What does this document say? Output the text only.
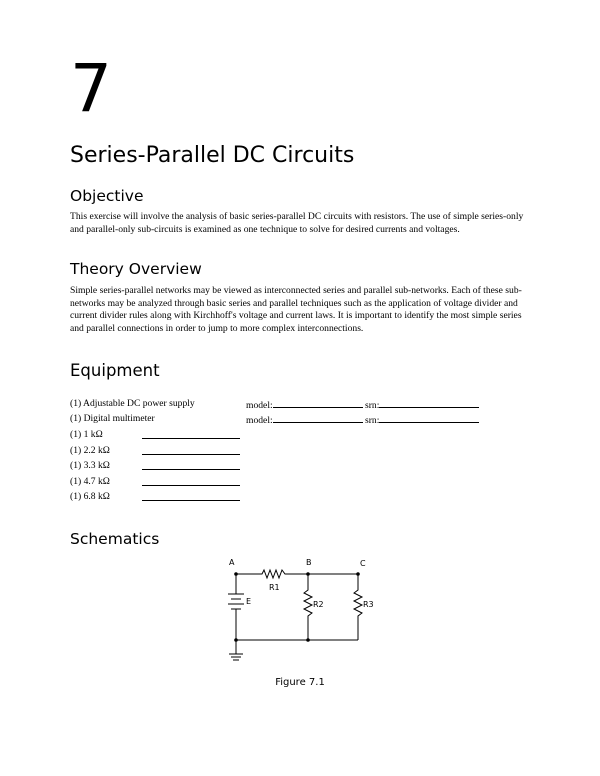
7
Series-Parallel DC Circuits
Objective

This exercise will involve the analysis of basic series-parallel DC circuits with resistors. The use of simple series-only and parallel-only sub-circuits is examined as one technique to solve for desired currents and voltages.

Theory Overview

Simple series-parallel networks may be viewed as interconnected series and parallel sub-networks. Each of these sub-networks may be analyzed through basic series and parallel techniques such as the application of voltage divider and current divider rules along with Kirchhoff's voltage and current laws. It is important to identify the most simple series and parallel connections in order to jump to more complex interconnections.

Equipment
(1) Adjustable DC power supply	model:	srn:
(1) Digital multimeter	model:	srn:
(1) 1 kΩ
(1) 2.2 kΩ
(1) 3.3 kΩ
(1) 4.7 kΩ
(1) 6.8 kΩ
Schematics
A	B	C
R1
E	R2	R3
Figure 7.1
